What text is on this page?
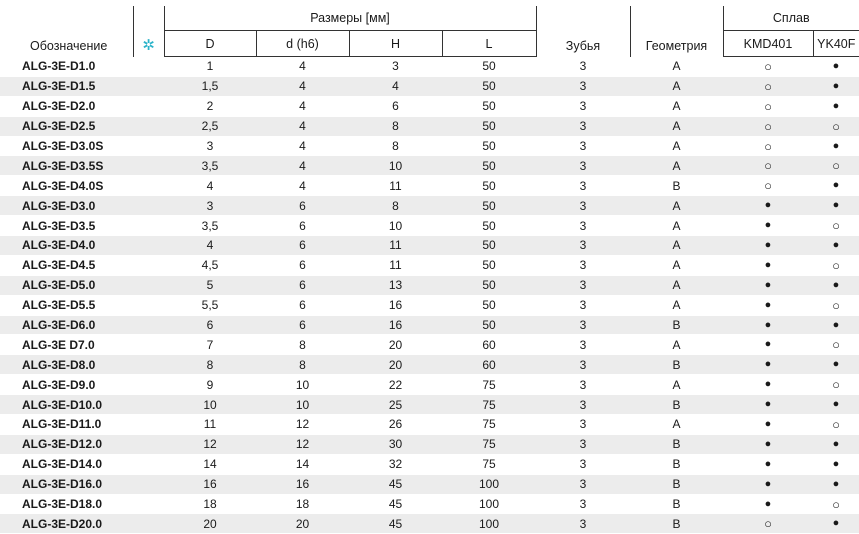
Обозначение	✲	Размеры [мм]				Зубья	Геометрия	Сплав	
		D	d (h6)	H	L			KMD401	YK40F
ALG-3E-D1.0		1	4	3	50	3	A	○	●
ALG-3E-D1.5		1,5	4	4	50	3	A	○	●
ALG-3E-D2.0		2	4	6	50	3	A	○	●
ALG-3E-D2.5		2,5	4	8	50	3	A	○	○
ALG-3E-D3.0S		3	4	8	50	3	A	○	●
ALG-3E-D3.5S		3,5	4	10	50	3	A	○	○
ALG-3E-D4.0S		4	4	11	50	3	B	○	●
ALG-3E-D3.0		3	6	8	50	3	A	●	●
ALG-3E-D3.5		3,5	6	10	50	3	A	●	○
ALG-3E-D4.0		4	6	11	50	3	A	●	●
ALG-3E-D4.5		4,5	6	11	50	3	A	●	○
ALG-3E-D5.0		5	6	13	50	3	A	●	●
ALG-3E-D5.5		5,5	6	16	50	3	A	●	○
ALG-3E-D6.0		6	6	16	50	3	B	●	●
ALG-3E D7.0		7	8	20	60	3	A	●	○
ALG-3E-D8.0		8	8	20	60	3	B	●	●
ALG-3E-D9.0		9	10	22	75	3	A	●	○
ALG-3E-D10.0		10	10	25	75	3	B	●	●
ALG-3E-D11.0		11	12	26	75	3	A	●	○
ALG-3E-D12.0		12	12	30	75	3	B	●	●
ALG-3E-D14.0		14	14	32	75	3	B	●	●
ALG-3E-D16.0		16	16	45	100	3	B	●	●
ALG-3E-D18.0		18	18	45	100	3	B	●	○
ALG-3E-D20.0		20	20	45	100	3	B	○	●
